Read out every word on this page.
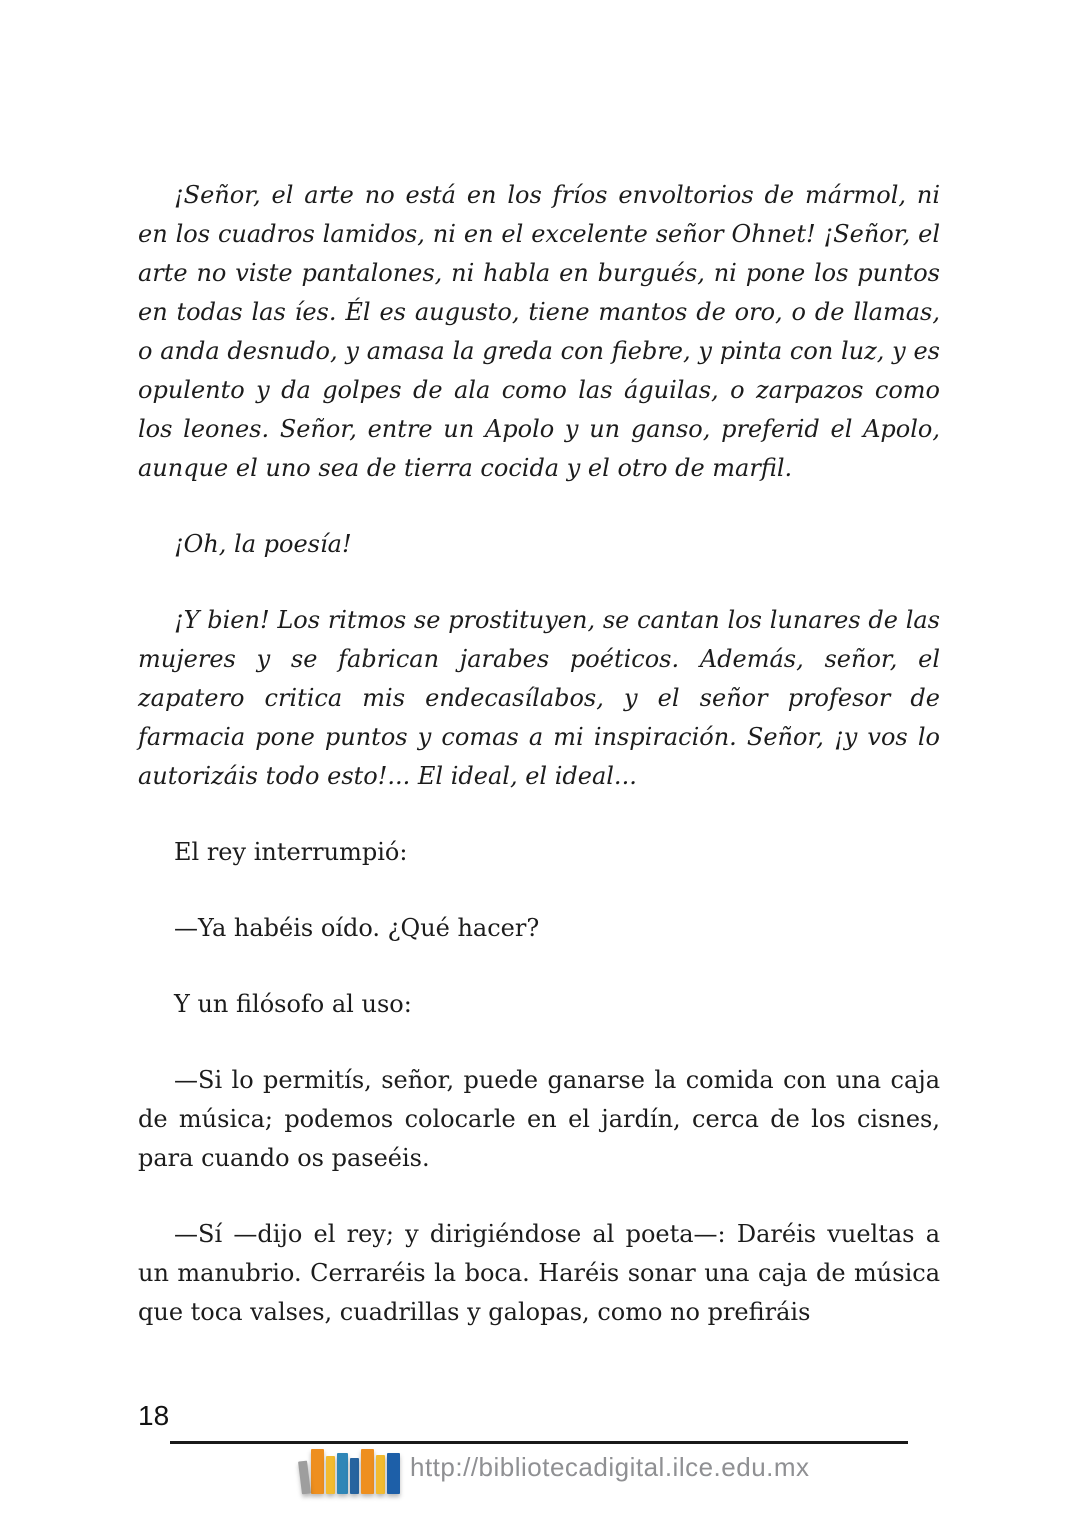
¡Señor, el arte no está en los fríos envoltorios de mármol, ni en los cuadros lamidos, ni en el excelente señor Ohnet! ¡Señor, el arte no viste pantalones, ni habla en burgués, ni pone los puntos en todas las íes. Él es augusto, tiene mantos de oro, o de llamas, o anda desnudo, y amasa la greda con fiebre, y pinta con luz, y es opulento y da golpes de ala como las águilas, o zarpazos como los leones. Señor, entre un Apolo y un ganso, preferid el Apolo, aunque el uno sea de tierra cocida y el otro de marfil.

¡Oh, la poesía!

¡Y bien! Los ritmos se prostituyen, se cantan los lunares de las mujeres y se fabrican jarabes poéticos. Además, señor, el zapatero critica mis endecasílabos, y el señor profesor de farmacia pone puntos y comas a mi inspiración. Señor, ¡y vos lo autorizáis todo esto!... El ideal, el ideal...

El rey interrumpió:

—Ya habéis oído. ¿Qué hacer?

Y un filósofo al uso:

—Si lo permitís, señor, puede ganarse la comida con una caja de música; podemos colocarle en el jardín, cerca de los cisnes, para cuando os paseéis.

—Sí —dijo el rey; y dirigiéndose al poeta—: Daréis vueltas a un manubrio. Cerraréis la boca. Haréis sonar una caja de música que toca valses, cuadrillas y galopas, como no prefiráis

18
http://bibliotecadigital.ilce.edu.mx
